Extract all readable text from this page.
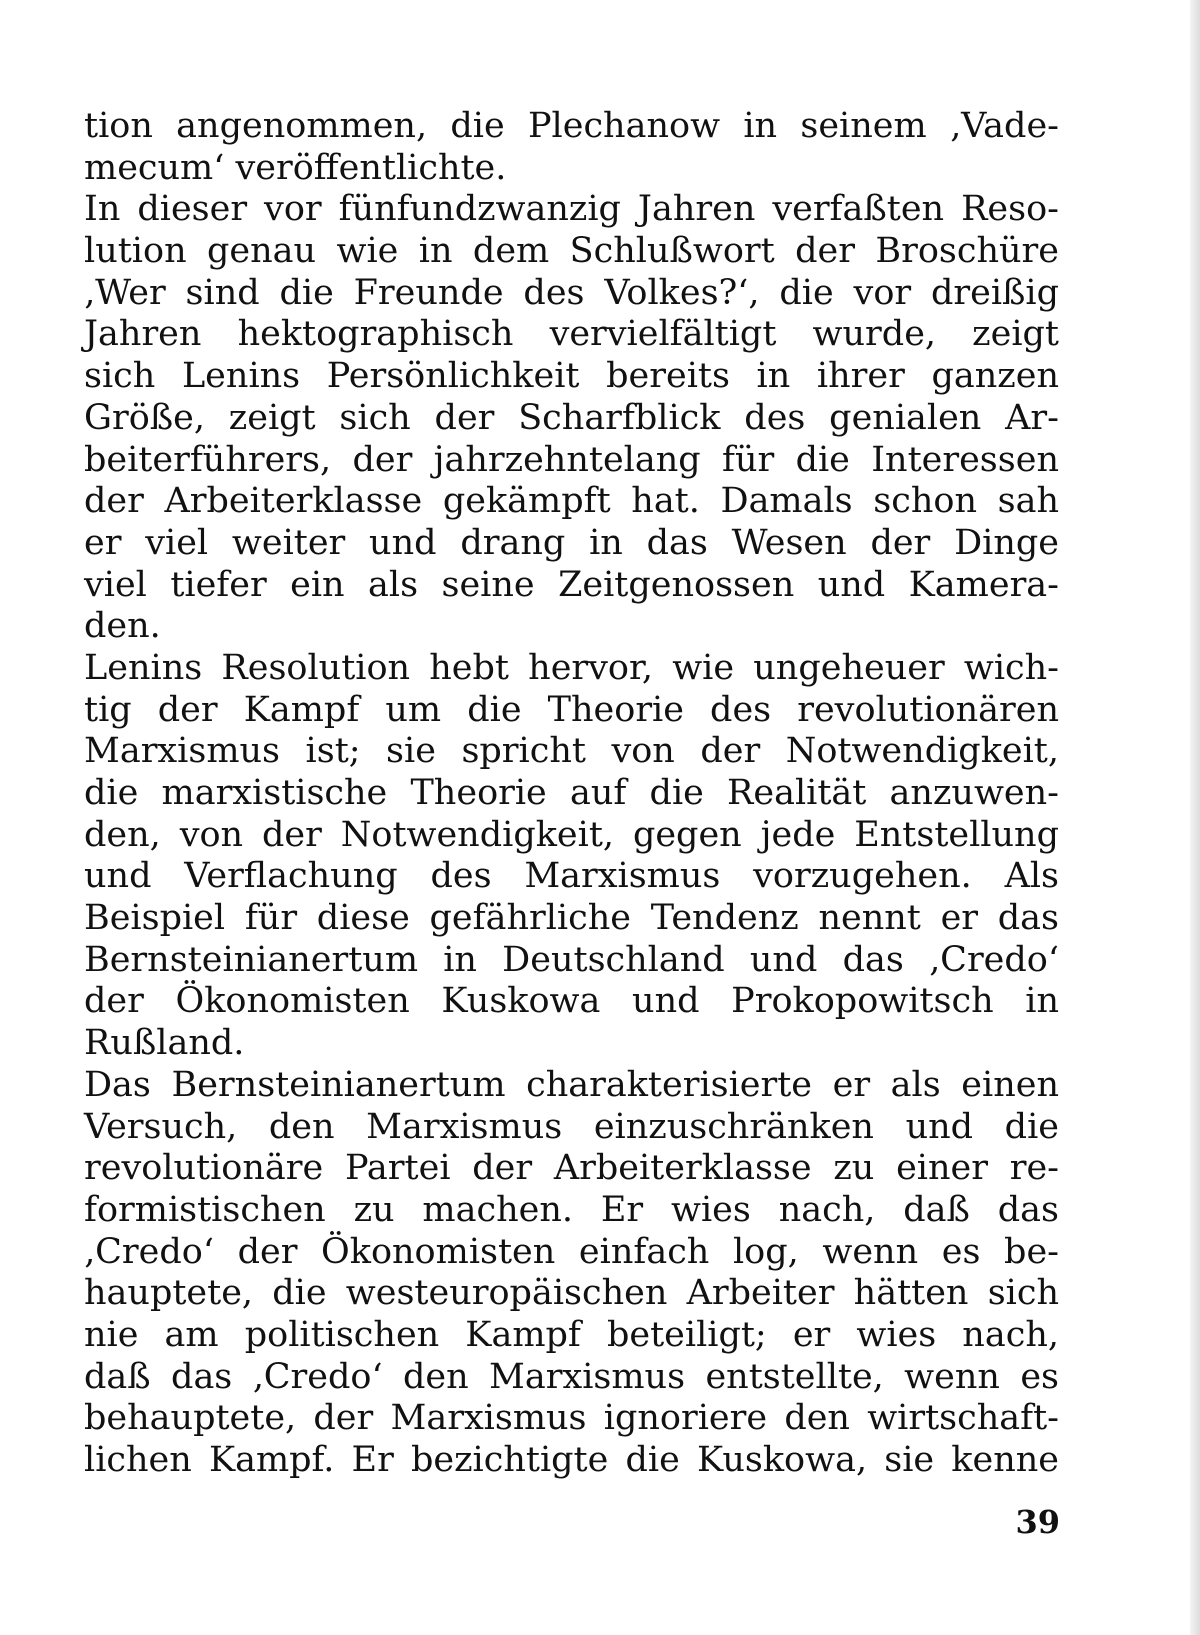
tion angenommen, die Plechanow in seinem ‚Vade-
mecum‘ veröffentlichte.
In dieser vor fünfundzwanzig Jahren verfaßten Reso-
lution genau wie in dem Schlußwort der Broschüre
‚Wer sind die Freunde des Volkes?‘, die vor dreißig
Jahren hektographisch vervielfältigt wurde, zeigt
sich Lenins Persönlichkeit bereits in ihrer ganzen
Größe, zeigt sich der Scharfblick des genialen Ar-
beiterführers, der jahrzehntelang für die Interessen
der Arbeiterklasse gekämpft hat. Damals schon sah
er viel weiter und drang in das Wesen der Dinge
viel tiefer ein als seine Zeitgenossen und Kamera-
den.
Lenins Resolution hebt hervor, wie ungeheuer wich-
tig der Kampf um die Theorie des revolutionären
Marxismus ist; sie spricht von der Notwendigkeit,
die marxistische Theorie auf die Realität anzuwen-
den, von der Notwendigkeit, gegen jede Entstellung
und Verflachung des Marxismus vorzugehen. Als
Beispiel für diese gefährliche Tendenz nennt er das
Bernsteinianertum in Deutschland und das ‚Credo‘
der Ökonomisten Kuskowa und Prokopowitsch in
Rußland.
Das Bernsteinianertum charakterisierte er als einen
Versuch, den Marxismus einzuschränken und die
revolutionäre Partei der Arbeiterklasse zu einer re-
formistischen zu machen. Er wies nach, daß das
‚Credo‘ der Ökonomisten einfach log, wenn es be-
hauptete, die westeuropäischen Arbeiter hätten sich
nie am politischen Kampf beteiligt; er wies nach,
daß das ‚Credo‘ den Marxismus entstellte, wenn es
behauptete, der Marxismus ignoriere den wirtschaft-
lichen Kampf. Er bezichtigte die Kuskowa, sie kenne
39
